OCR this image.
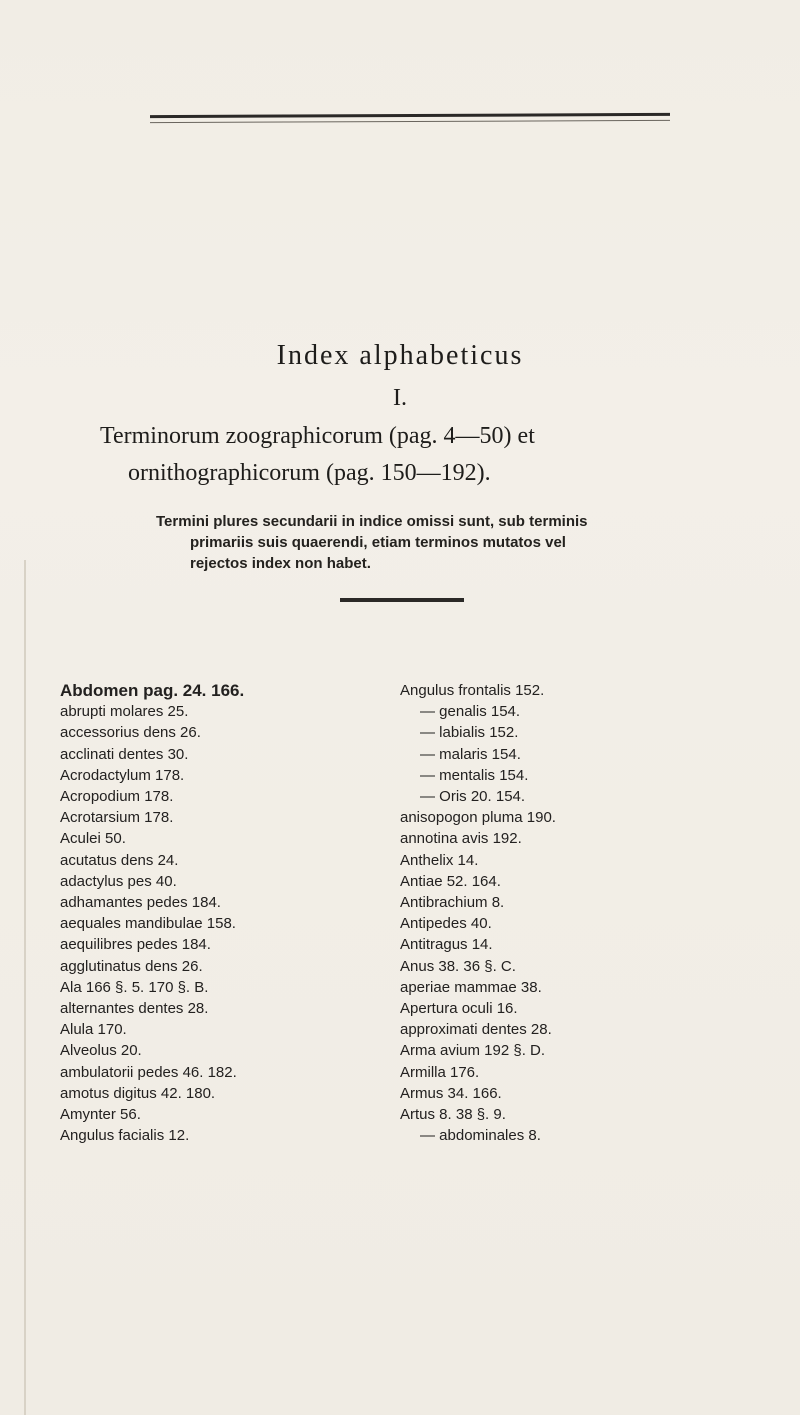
Index alphabeticus
I.
Terminorum zoographicorum (pag. 4—50) et
ornithographicorum (pag. 150—192).
Termini plures secundarii in indice omissi sunt, sub terminis
primariis suis quaerendi, etiam terminos mutatos vel
rejectos index non habet.
Abdomen pag. 24. 166.
abrupti molares 25.
accessorius dens 26.
acclinati dentes 30.
Acrodactylum 178.
Acropodium 178.
Acrotarsium 178.
Aculei 50.
acutatus dens 24.
adactylus pes 40.
adhamantes pedes 184.
aequales mandibulae 158.
aequilibres pedes 184.
agglutinatus dens 26.
Ala 166 §. 5. 170 §. B.
alternantes dentes 28.
Alula 170.
Alveolus 20.
ambulatorii pedes 46. 182.
amotus digitus 42. 180.
Amynter 56.
Angulus facialis 12.
Angulus frontalis 152.
— genalis 154.
— labialis 152.
— malaris 154.
— mentalis 154.
— Oris 20. 154.
anisopogon pluma 190.
annotina avis 192.
Anthelix 14.
Antiae 52. 164.
Antibrachium 8.
Antipedes 40.
Antitragus 14.
Anus 38. 36 §. C.
aperiae mammae 38.
Apertura oculi 16.
approximati dentes 28.
Arma avium 192 §. D.
Armilla 176.
Armus 34. 166.
Artus 8. 38 §. 9.
— abdominales 8.
